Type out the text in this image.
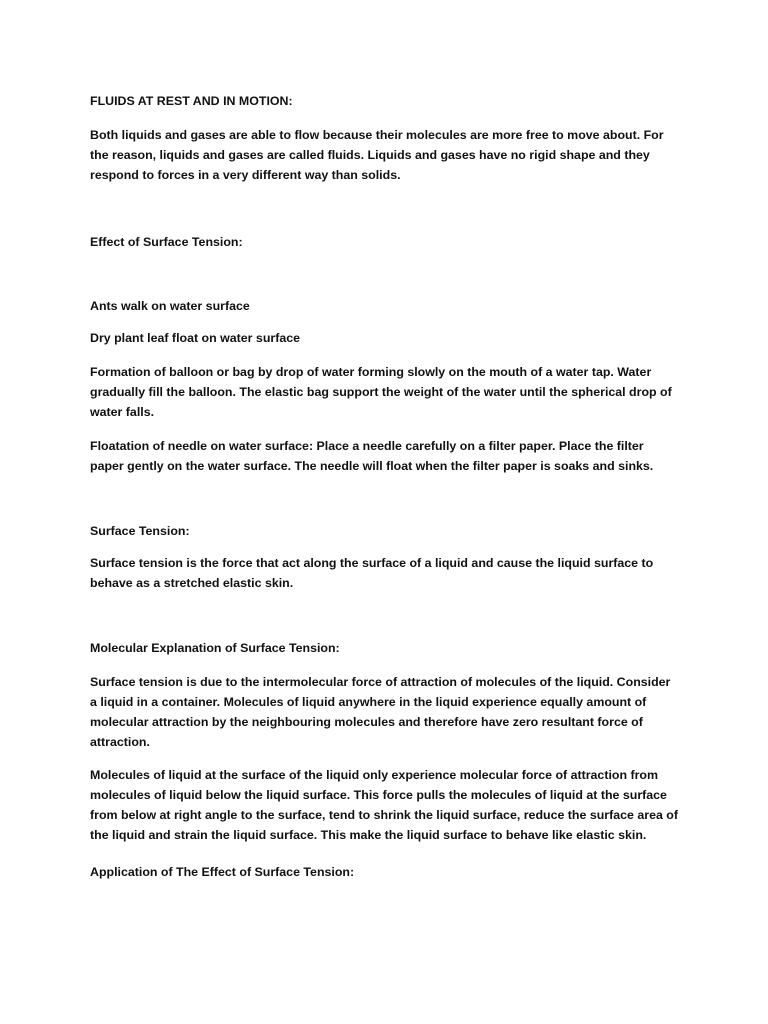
FLUIDS AT REST AND IN MOTION:

Both liquids and gases are able to flow because their molecules are more free to move about. For the reason, liquids and gases are called fluids. Liquids and gases have no rigid shape and they respond to forces in a very different way than solids.

Effect of Surface Tension:

Ants walk on water surface

Dry plant leaf float on water surface

Formation of balloon or bag by drop of water forming slowly on the mouth of a water tap. Water gradually fill the balloon. The elastic bag support the weight of the water until the spherical drop of water falls.

Floatation of needle on water surface: Place a needle carefully on a filter paper. Place the filter paper gently on the water surface. The needle will float when the filter paper is soaks and sinks.

Surface Tension:

Surface tension is the force that act along the surface of a liquid and cause the liquid surface to behave as a stretched elastic skin.

Molecular Explanation of Surface Tension:

Surface tension is due to the intermolecular force of attraction of molecules of the liquid. Consider a liquid in a container. Molecules of liquid anywhere in the liquid experience equally amount of molecular attraction by the neighbouring molecules and therefore have zero resultant force of attraction.

Molecules of liquid at the surface of the liquid only experience molecular force of attraction from molecules of liquid below the liquid surface. This force pulls the molecules of liquid at the surface from below at right angle to the surface, tend to shrink the liquid surface, reduce the surface area of the liquid and strain the liquid surface. This make the liquid surface to behave like elastic skin.

Application of The Effect of Surface Tension:
